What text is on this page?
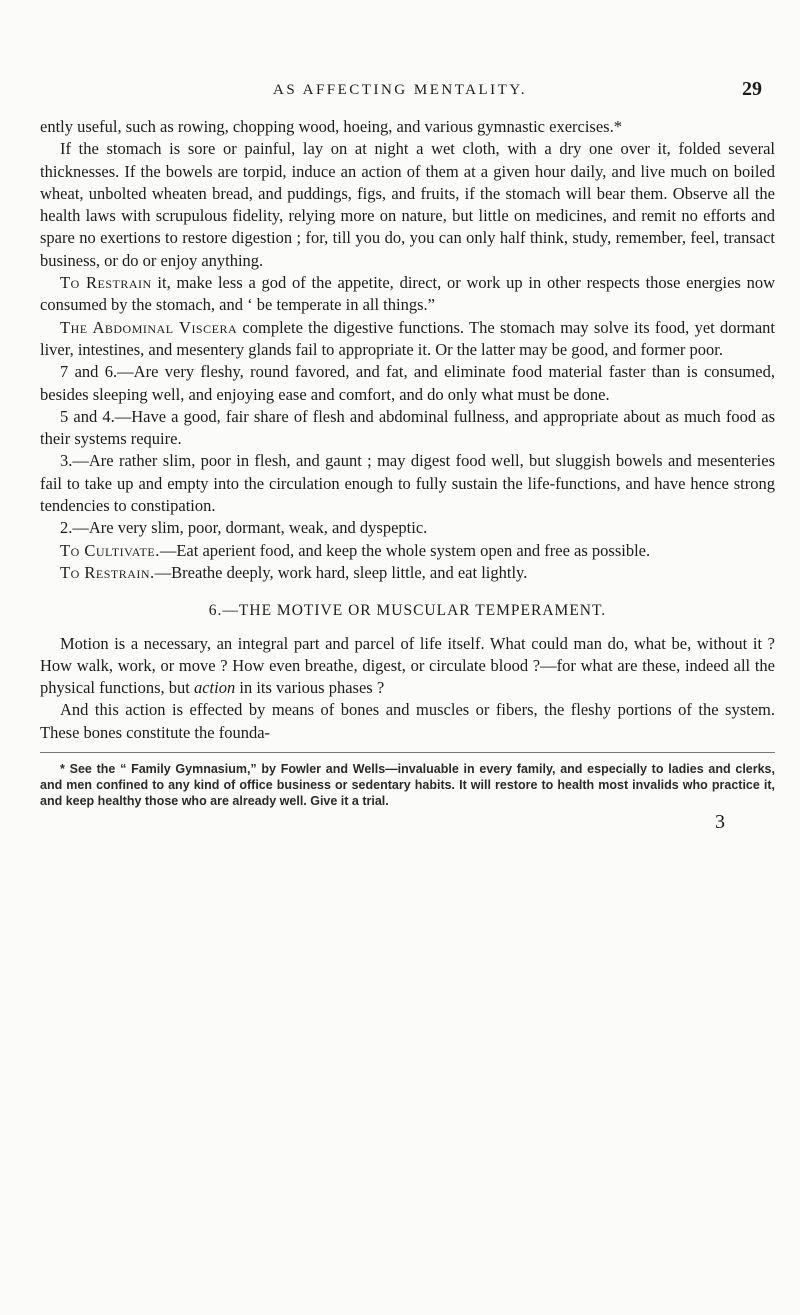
AS AFFECTING MENTALITY.	29

ently useful, such as rowing, chopping wood, hoeing, and various gymnastic exercises.*

If the stomach is sore or painful, lay on at night a wet cloth, with a dry one over it, folded several thicknesses. If the bowels are torpid, induce an action of them at a given hour daily, and live much on boiled wheat, unbolted wheaten bread, and puddings, figs, and fruits, if the stomach will bear them. Observe all the health laws with scrupulous fidelity, relying more on nature, but little on medicines, and remit no efforts and spare no exertions to restore digestion ; for, till you do, you can only half think, study, remember, feel, transact business, or do or enjoy anything.

To Restrain it, make less a god of the appetite, direct, or work up in other respects those energies now consumed by the stomach, and ‘ be temperate in all things.”

The Abdominal Viscera complete the digestive functions. The stomach may solve its food, yet dormant liver, intestines, and mesentery glands fail to appropriate it. Or the latter may be good, and former poor.

7 and 6.—Are very fleshy, round favored, and fat, and eliminate food material faster than is consumed, besides sleeping well, and enjoying ease and comfort, and do only what must be done.

5 and 4.—Have a good, fair share of flesh and abdominal fullness, and appropriate about as much food as their systems require.

3.—Are rather slim, poor in flesh, and gaunt ; may digest food well, but sluggish bowels and mesenteries fail to take up and empty into the circulation enough to fully sustain the life-functions, and have hence strong tendencies to constipation.

2.—Are very slim, poor, dormant, weak, and dyspeptic.

To Cultivate.—Eat aperient food, and keep the whole system open and free as possible.

To Restrain.—Breathe deeply, work hard, sleep little, and eat lightly.

6.—THE MOTIVE OR MUSCULAR TEMPERAMENT.

Motion is a necessary, an integral part and parcel of life itself. What could man do, what be, without it ? How walk, work, or move ? How even breathe, digest, or circulate blood ?—for what are these, indeed all the physical functions, but action in its various phases ?

And this action is effected by means of bones and muscles or fibers, the fleshy portions of the system. These bones constitute the founda-

* See the “ Family Gymnasium,” by Fowler and Wells—invaluable in every family, and especially to ladies and clerks, and men confined to any kind of office business or sedentary habits. It will restore to health most invalids who practice it, and keep healthy those who are already well. Give it a trial.

3
